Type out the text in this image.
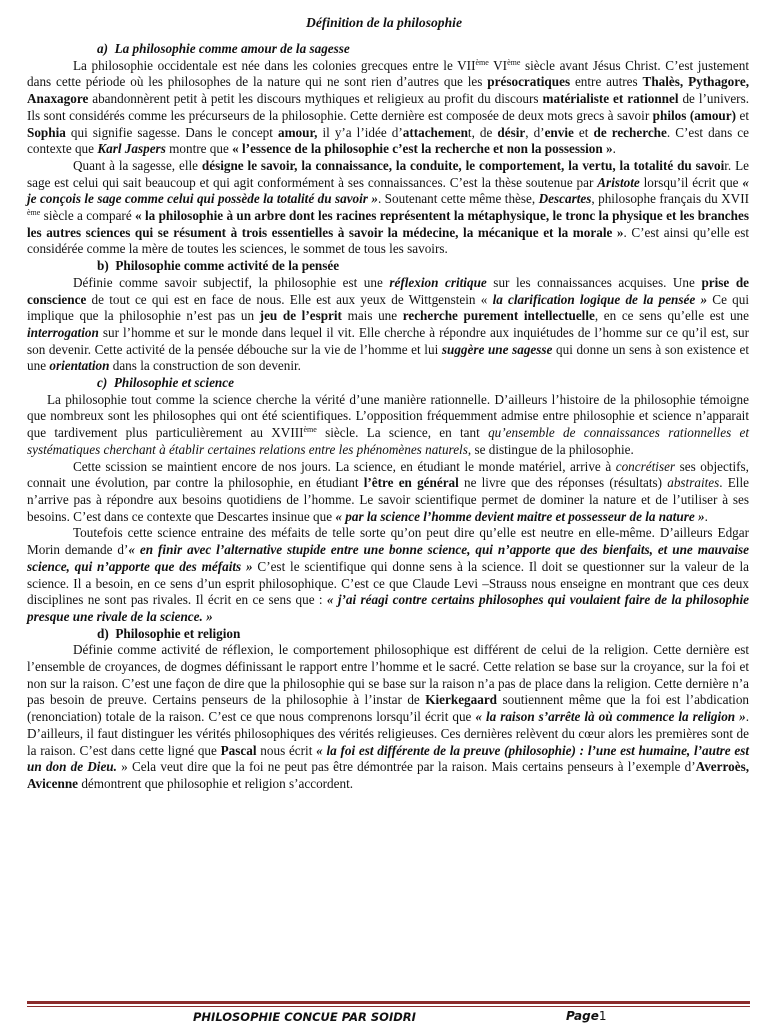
Définition de la philosophie
a)  La philosophie comme amour de la sagesse

La philosophie occidentale est née dans les colonies grecques entre le VIIème VIème siècle avant Jésus Christ. C’est justement dans cette période où les philosophes de la nature qui ne sont rien d’autres que les présocratiques entre autres Thalès, Pythagore, Anaxagore abandonnèrent petit à petit les discours mythiques et religieux au profit du discours matérialiste et rationnel de l’univers. Ils sont considérés comme les précurseurs de la philosophie. Cette dernière est composée de deux mots grecs à savoir philos (amour) et Sophia qui signifie sagesse. Dans le concept amour, il y’a l’idée d’attachement, de désir, d’envie et de recherche. C’est dans ce contexte que Karl Jaspers montre que « l’essence de la philosophie c’est la recherche et non la possession ».

Quant à la sagesse, elle désigne le savoir, la connaissance, la conduite, le comportement, la vertu, la totalité du savoir. Le sage est celui qui sait beaucoup et qui agit conformément à ses connaissances. C’est la thèse soutenue par Aristote lorsqu’il écrit que « je conçois le sage comme celui qui possède la totalité du savoir ». Soutenant cette même thèse, Descartes, philosophe français du XVII $^{ème}$ siècle a comparé « la philosophie à un arbre dont les racines représentent la métaphysique, le tronc la physique et les branches les autres sciences qui se résument à trois essentielles à savoir la médecine, la mécanique et la morale ». C’est ainsi qu’elle est considérée comme la mère de toutes les sciences, le sommet de tous les savoirs.

b)  Philosophie comme activité de la pensée

Définie comme savoir subjectif, la philosophie est une réflexion critique sur les connaissances acquises. Une prise de conscience de tout ce qui est en face de nous. Elle est aux yeux de Wittgenstein « la clarification logique de la pensée » Ce qui implique que la philosophie n’est pas un jeu de l’esprit mais une recherche purement intellectuelle, en ce sens qu’elle est une interrogation sur l’homme et sur le monde dans lequel il vit. Elle cherche à répondre aux inquiétudes de l’homme sur ce qu’il est, sur son devenir. Cette activité de la pensée débouche sur la vie de l’homme et lui suggère une sagesse qui donne un sens à son existence et une orientation dans la construction de son devenir.

c)  Philosophie et science

La philosophie tout comme la science cherche la vérité d’une manière rationnelle. D’ailleurs l’histoire de la philosophie témoigne que nombreux sont les philosophes qui ont été scientifiques. L’opposition fréquemment admise entre philosophie et science n’apparait que tardivement plus particulièrement au XVIIIème siècle. La science, en tant qu’ensemble de connaissances rationnelles et systématiques cherchant à établir certaines relations entre les phénomènes naturels, se distingue de la philosophie.

Cette scission se maintient encore de nos jours. La science, en étudiant le monde matériel, arrive à concrétiser ses objectifs, connait une évolution, par contre la philosophie, en étudiant l’être en général ne livre que des réponses (résultats) abstraites. Elle n’arrive pas à répondre aux besoins quotidiens de l’homme. Le savoir scientifique permet de dominer la nature et de l’utiliser à ses besoins. C’est dans ce contexte que Descartes insinue que « par la science l’homme devient maitre et possesseur de la nature ».

Toutefois cette science entraine des méfaits de telle sorte qu’on peut dire qu’elle est neutre en elle-même. D’ailleurs Edgar Morin demande d’« en finir avec l’alternative stupide entre une bonne science, qui n’apporte que des bienfaits, et une mauvaise science, qui n’apporte que des méfaits » C’est le scientifique qui donne sens à la science. Il doit se questionner sur la valeur de la science. Il a besoin, en ce sens d’un esprit philosophique. C’est ce que Claude Levi –Strauss nous enseigne en montrant que ces deux disciplines ne sont pas rivales. Il écrit en ce sens que : « j’ai réagi contre certains philosophes qui voulaient faire de la philosophie presque une rivale de la science. »

d)  Philosophie et religion

Définie comme activité de réflexion, le comportement philosophique est différent de celui de la religion. Cette dernière est l’ensemble de croyances, de dogmes définissant le rapport entre l’homme et le sacré. Cette relation se base sur la croyance, sur la foi et non sur la raison. C’est une façon de dire que la philosophie qui se base sur la raison n’a pas de place dans la religion. Cette dernière n’a pas besoin de preuve. Certains penseurs de la philosophie à l’instar de Kierkegaard soutiennent même que la foi est l’abdication (renonciation) totale de la raison. C’est ce que nous comprenons lorsqu’il écrit que « la raison s’arrête là où commence la religion ». D’ailleurs, il faut distinguer les vérités philosophiques des vérités religieuses. Ces dernières relèvent du cœur alors les premières sont de la raison. C’est dans cette ligné que Pascal nous écrit « la foi est différente de la preuve (philosophie) : l’une est humaine, l’autre est un don de Dieu. » Cela veut dire que la foi ne peut pas être démontrée par la raison. Mais certains penseurs à l’exemple d’Averroès, Avicenne démontrent que philosophie et religion s’accordent.

PHILOSOPHIE CONCUE PAR SOIDRI	Page1
